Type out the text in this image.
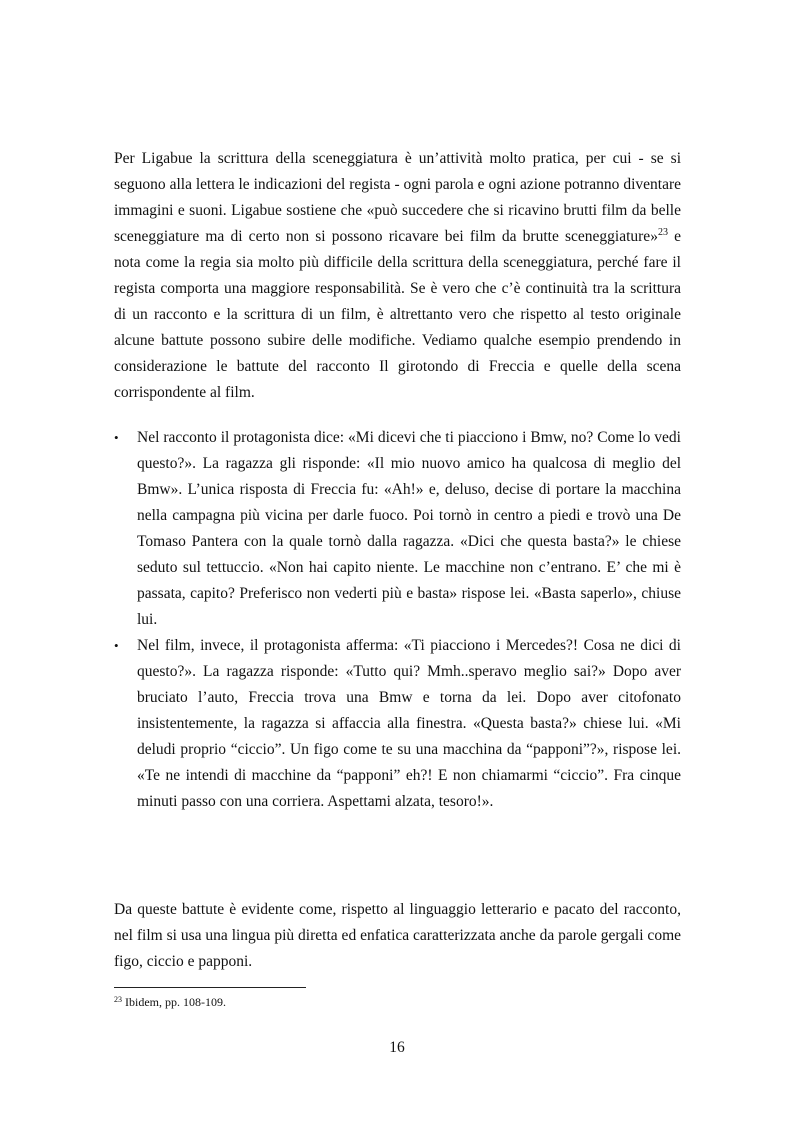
Per Ligabue la scrittura della sceneggiatura è un’attività molto pratica, per cui - se si seguono alla lettera le indicazioni del regista - ogni parola e ogni azione potranno diventare immagini e suoni. Ligabue sostiene che «può succedere che si ricavino brutti film da belle sceneggiature ma di certo non si possono ricavare bei film da brutte sceneggiature»$^{23}$ e nota come la regia sia molto più difficile della scrittura della sceneggiatura, perché fare il regista comporta una maggiore responsabilità. Se è vero che c’è continuità tra la scrittura di un racconto e la scrittura di un film, è altrettanto vero che rispetto al testo originale alcune battute possono subire delle modifiche. Vediamo qualche esempio prendendo in considerazione le battute del racconto Il girotondo di Freccia e quelle della scena corrispondente al film.

• Nel racconto il protagonista dice: «Mi dicevi che ti piacciono i Bmw, no? Come lo vedi questo?». La ragazza gli risponde: «Il mio nuovo amico ha qualcosa di meglio del Bmw». L’unica risposta di Freccia fu: «Ah!» e, deluso, decise di portare la macchina nella campagna più vicina per darle fuoco. Poi tornò in centro a piedi e trovò una De Tomaso Pantera con la quale tornò dalla ragazza. «Dici che questa basta?» le chiese seduto sul tettuccio. «Non hai capito niente. Le macchine non c’entrano. E’ che mi è passata, capito? Preferisco non vederti più e basta» rispose lei. «Basta saperlo», chiuse lui.
• Nel film, invece, il protagonista afferma: «Ti piacciono i Mercedes?! Cosa ne dici di questo?». La ragazza risponde: «Tutto qui? Mmh..speravo meglio sai?» Dopo aver bruciato l’auto, Freccia trova una Bmw e torna da lei. Dopo aver citofonato insistentemente, la ragazza si affaccia alla finestra. «Questa basta?» chiese lui. «Mi deludi proprio “ciccio”. Un figo come te su una macchina da “papponi”?», rispose lei. «Te ne intendi di macchine da “papponi” eh?! E non chiamarmi “ciccio”. Fra cinque minuti passo con una corriera. Aspettami alzata, tesoro!».

Da queste battute è evidente come, rispetto al linguaggio letterario e pacato del racconto, nel film si usa una lingua più diretta ed enfatica caratterizzata anche da parole gergali come figo, ciccio e papponi.

$^{23}$ Ibidem, pp. 108-109.
16
